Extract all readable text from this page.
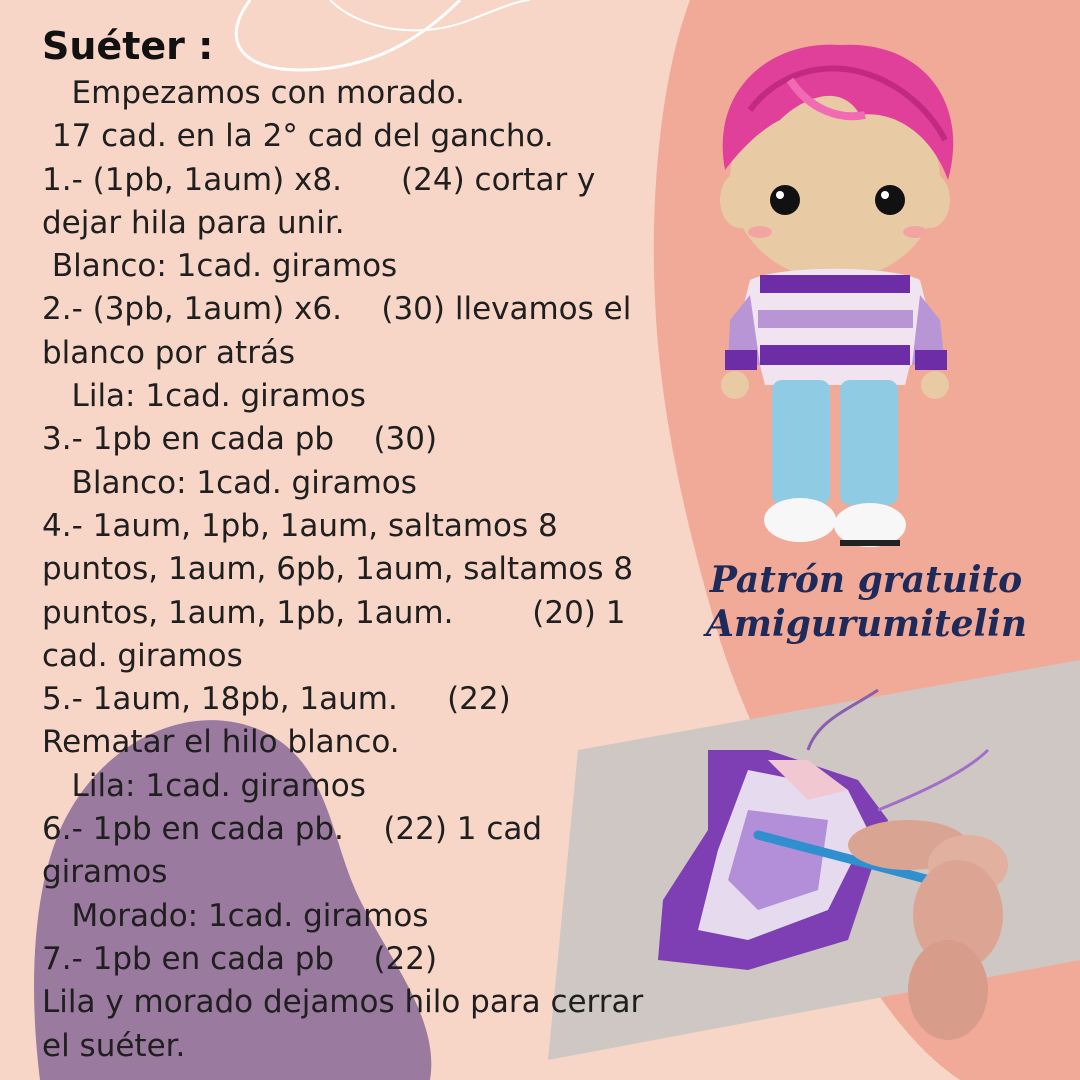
Suéter :
Empezamos con morado.
17 cad. en la 2° cad del gancho.
1.- (1pb, 1aum) x8.      (24) cortar y
dejar hila para unir.
Blanco: 1cad. giramos
2.- (3pb, 1aum) x6.    (30) llevamos el
blanco por atrás
Lila: 1cad. giramos
3.- 1pb en cada pb    (30)
Blanco: 1cad. giramos
4.- 1aum, 1pb, 1aum, saltamos 8
puntos, 1aum, 6pb, 1aum, saltamos 8
puntos, 1aum, 1pb, 1aum.        (20) 1
cad. giramos
5.- 1aum, 18pb, 1aum.     (22)
Rematar el hilo blanco.
Lila: 1cad. giramos
6.- 1pb en cada pb.    (22) 1 cad
giramos
Morado: 1cad. giramos
7.- 1pb en cada pb    (22)
Lila y morado dejamos hilo para cerrar
el suéter.
Patrón gratuito
Amigurumitelin
